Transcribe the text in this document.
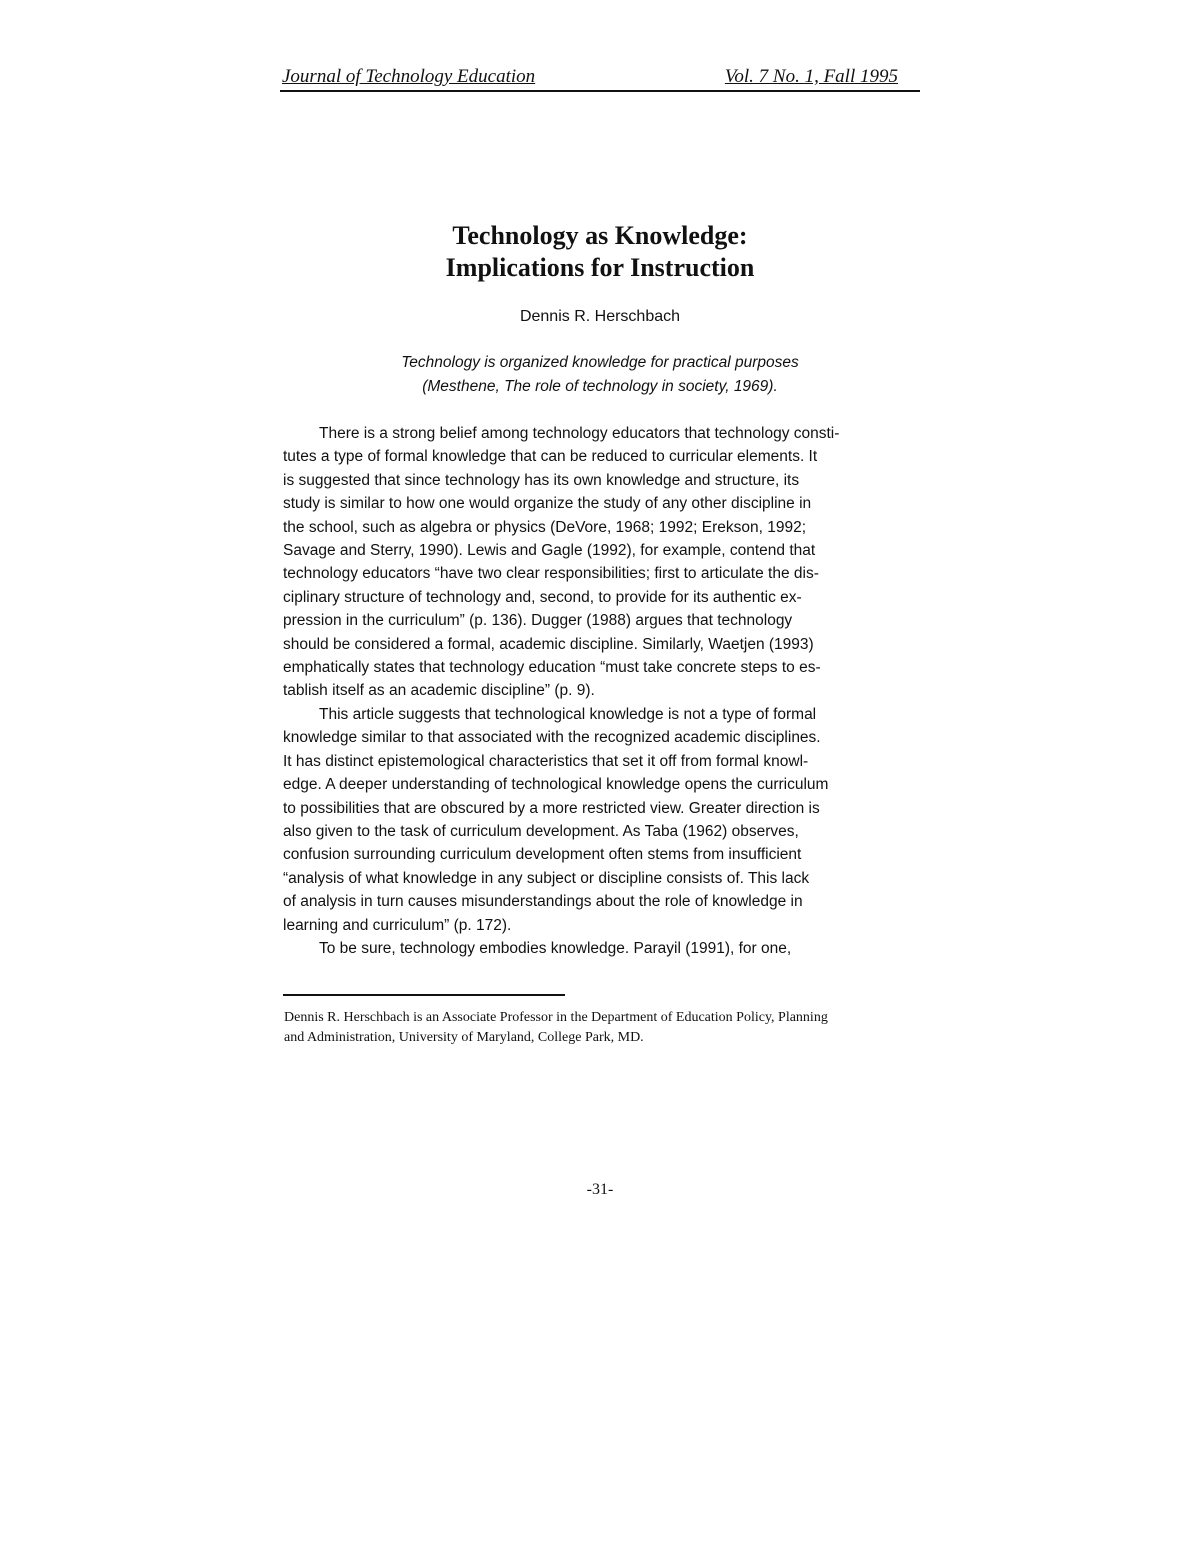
Journal of Technology Education	Vol. 7 No. 1, Fall 1995
Technology as Knowledge:
Implications for Instruction
Dennis R. Herschbach
Technology is organized knowledge for practical purposes
(Mesthene, The role of technology in society, 1969).
There is a strong belief among technology educators that technology consti-
tutes a type of formal knowledge that can be reduced to curricular elements. It
is suggested that since technology has its own knowledge and structure, its
study is similar to how one would organize the study of any other discipline in
the school, such as algebra or physics (DeVore, 1968; 1992; Erekson, 1992;
Savage and Sterry, 1990). Lewis and Gagle (1992), for example, contend that
technology educators “have two clear responsibilities; first to articulate the dis-
ciplinary structure of technology and, second, to provide for its authentic ex-
pression in the curriculum” (p. 136). Dugger (1988) argues that technology
should be considered a formal, academic discipline. Similarly, Waetjen (1993)
emphatically states that technology education “must take concrete steps to es-
tablish itself as an academic discipline” (p. 9).
This article suggests that technological knowledge is not a type of formal
knowledge similar to that associated with the recognized academic disciplines.
It has distinct epistemological characteristics that set it off from formal knowl-
edge. A deeper understanding of technological knowledge opens the curriculum
to possibilities that are obscured by a more restricted view. Greater direction is
also given to the task of curriculum development. As Taba (1962) observes,
confusion surrounding curriculum development often stems from insufficient
“analysis of what knowledge in any subject or discipline consists of. This lack
of analysis in turn causes misunderstandings about the role of knowledge in
learning and curriculum” (p. 172).
To be sure, technology embodies knowledge. Parayil (1991), for one,
Dennis R. Herschbach is an Associate Professor in the Department of Education Policy, Planning
and Administration, University of Maryland, College Park, MD.
-31-
